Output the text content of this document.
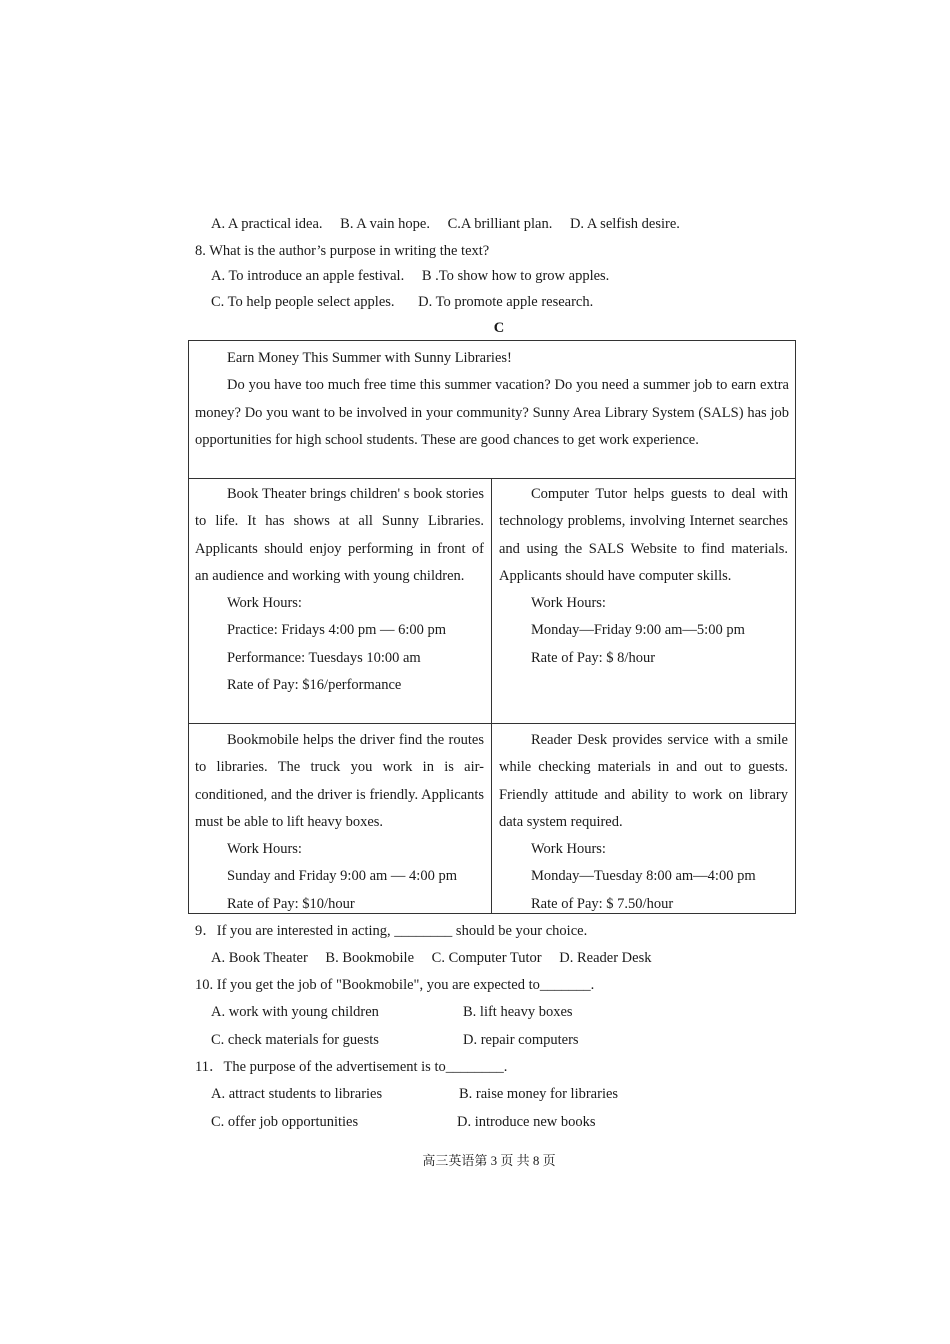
A. A practical idea. B. A vain hope. C.A brilliant plan. D. A selfish desire.
8. What is the author’s purpose in writing the text?
A. To introduce an apple festival. B .To show how to grow apples.
C. To help people select apples. D. To promote apple research.
C

Earn Money This Summer with Sunny Libraries!

Do you have too much free time this summer vacation? Do you need a summer job to earn extra money? Do you want to be involved in your community? Sunny Area Library System (SALS) has job opportunities for high school students. These are good chances to get work experience.

Book Theater brings children' s book stories to life. It has shows at all Sunny Libraries. Applicants should enjoy performing in front of an audience and working with young children.

Work Hours:

Practice: Fridays 4:00 pm — 6:00 pm

Performance: Tuesdays 10:00 am

Rate of Pay: $16/performance

Computer Tutor helps guests to deal with technology problems, involving Internet searches and using the SALS Website to find materials. Applicants should have computer skills.

Work Hours:

Monday—Friday 9:00 am—5:00 pm

Rate of Pay: $ 8/hour

Bookmobile helps the driver find the routes to libraries. The truck you work in is air-conditioned, and the driver is friendly. Applicants must be able to lift heavy boxes.

Work Hours:

Sunday and Friday 9:00 am — 4:00 pm

Rate of Pay: $10/hour

Reader Desk provides service with a smile while checking materials in and out to guests. Friendly attitude and ability to work on library data system required.

Work Hours:

Monday—Tuesday 8:00 am—4:00 pm

Rate of Pay: $ 7.50/hour

9．If you are interested in acting, ________ should be your choice.
A. Book Theater B. Bookmobile C. Computer Tutor D. Reader Desk
10. If you get the job of "Bookmobile", you are expected to_______.
A. work with young children	B. lift heavy boxes
C. check materials for guests	D. repair computers
11．The purpose of the advertisement is to________.
A. attract students to libraries	B. raise money for libraries
C. offer job opportunities	D. introduce new books
高三英语第 3 页 共 8 页
